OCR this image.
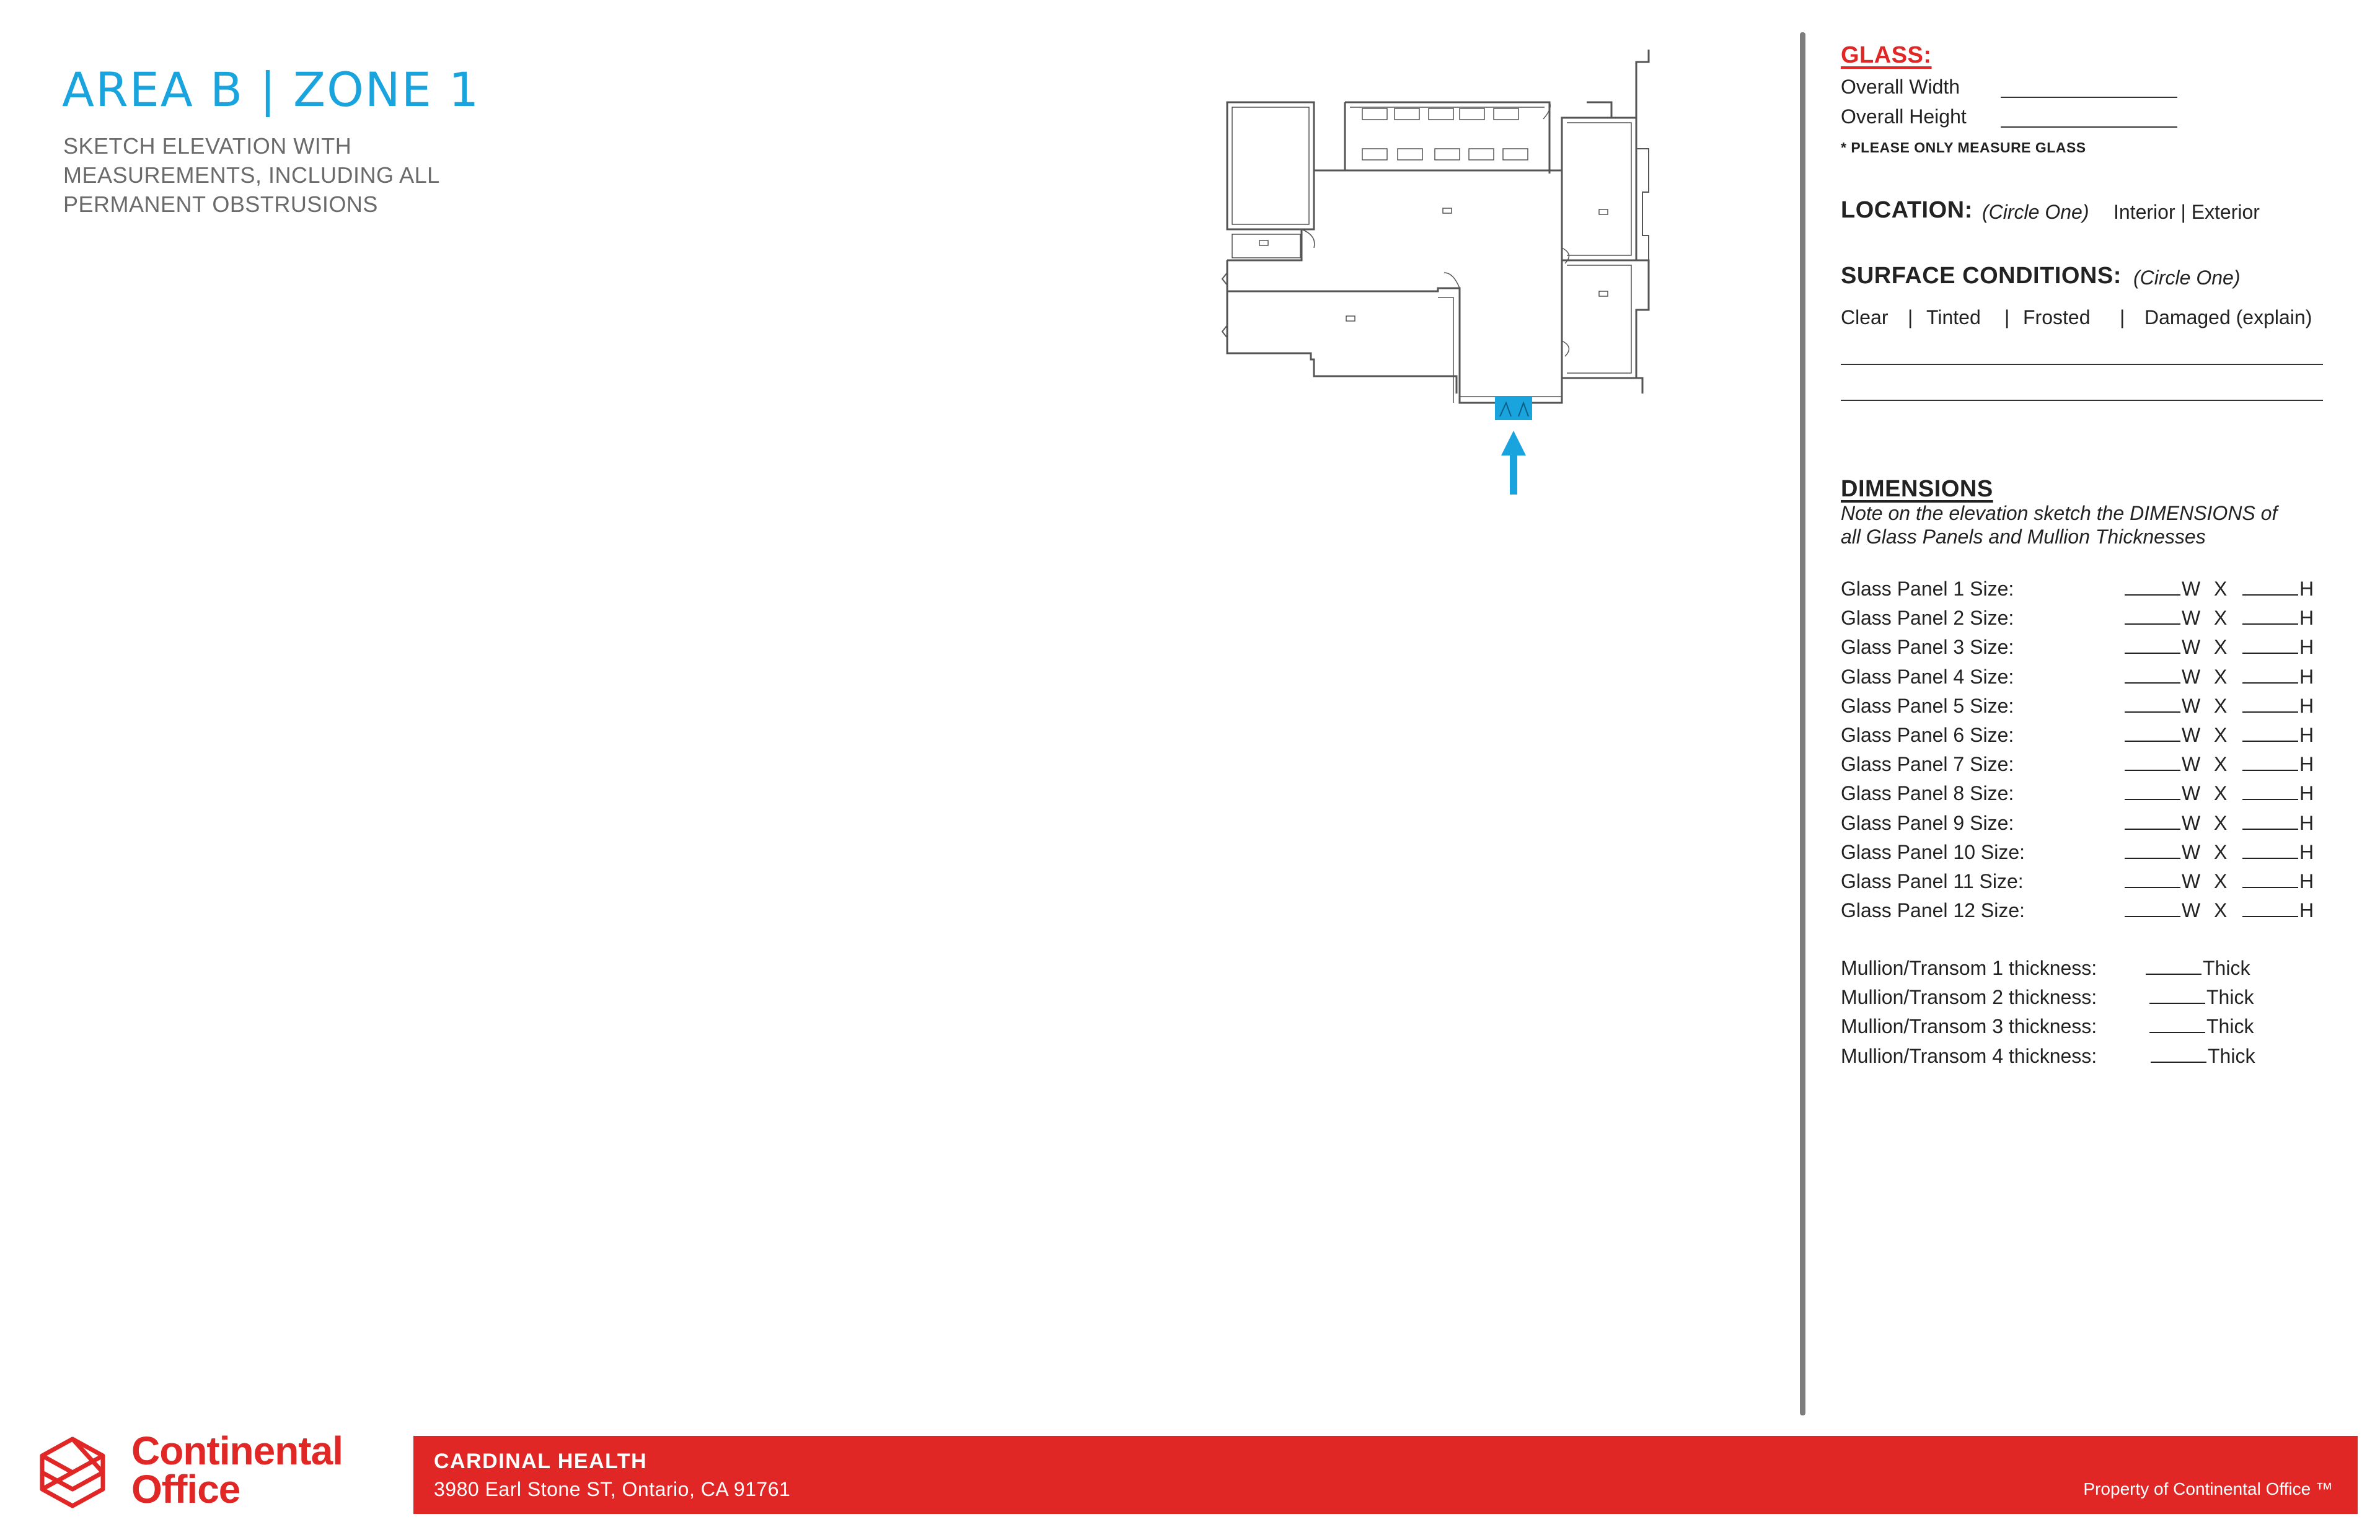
AREA B | ZONE 1
SKETCH ELEVATION WITH MEASUREMENTS, INCLUDING ALL PERMANENT OBSTRUSIONS
GLASS:
Overall Width
Overall Height
* PLEASE ONLY MEASURE GLASS
LOCATION: (Circle One) Interior | Exterior
SURFACE CONDITIONS: (Circle One)
Clear | Tinted | Frosted | Damaged (explain)
DIMENSIONS
Note on the elevation sketch the DIMENSIONS of
all Glass Panels and Mullion Thicknesses
Glass Panel 1 Size:	W X	H
Glass Panel 2 Size:	W X	H
Glass Panel 3 Size:	W X	H
Glass Panel 4 Size:	W X	H
Glass Panel 5 Size:	W X	H
Glass Panel 6 Size:	W X	H
Glass Panel 7 Size:	W X	H
Glass Panel 8 Size:	W X	H
Glass Panel 9 Size:	W X	H
Glass Panel 10 Size:	W X	H
Glass Panel 11 Size:	W X	H
Glass Panel 12 Size:	W X	H
Mullion/Transom 1 thickness:	Thick
Mullion/Transom 2 thickness:	Thick
Mullion/Transom 3 thickness:	Thick
Mullion/Transom 4 thickness:	Thick
Continental
Office
CARDINAL HEALTH
3980 Earl Stone ST, Ontario, CA 91761	Property of Continental Office ™
